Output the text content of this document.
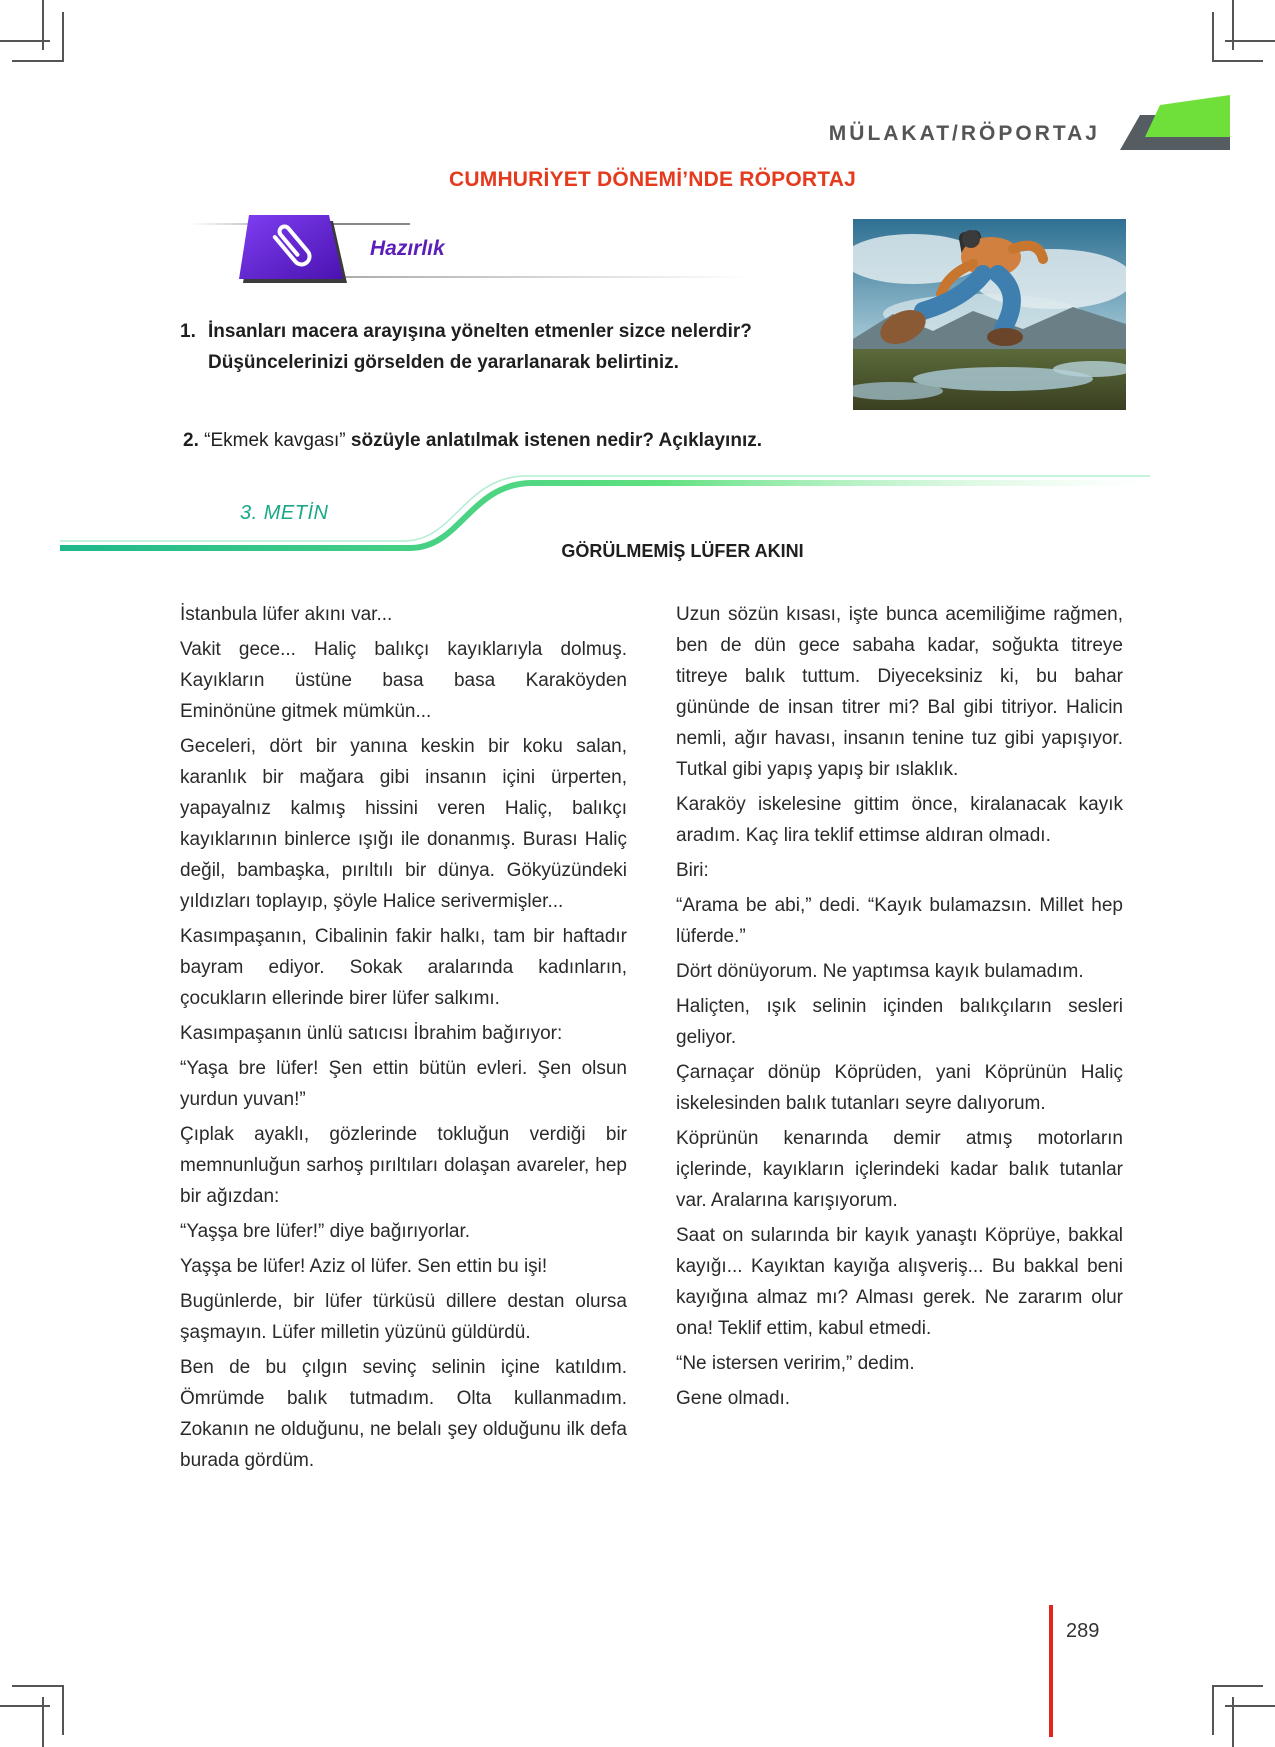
MÜLAKAT/RÖPORTAJ
CUMHURİYET DÖNEMİ’NDE RÖPORTAJ
Hazırlık
1. İnsanları macera arayışına yönelten etmenler sizce nelerdir? Düşüncelerinizi görselden de yararlanarak belirtiniz.
2. “Ekmek kavgası” sözüyle anlatılmak istenen nedir? Açıklayınız.
3. METİN
GÖRÜLMEMİŞ LÜFER AKINI

İstanbula lüfer akını var...

Vakit gece... Haliç balıkçı kayıklarıyla dolmuş. Kayıkların üstüne basa basa Karaköyden Eminönüne gitmek mümkün...

Geceleri, dört bir yanına keskin bir koku salan, karanlık bir mağara gibi insanın içini ürperten, yapayalnız kalmış hissini veren Haliç, balıkçı kayıklarının binlerce ışığı ile donanmış. Burası Haliç değil, bambaşka, pırıltılı bir dünya. Gökyüzündeki yıldızları toplayıp, şöyle Halice serivermişler...

Kasımpaşanın, Cibalinin fakir halkı, tam bir haftadır bayram ediyor. Sokak aralarında kadınların, çocukların ellerinde birer lüfer salkımı.

Kasımpaşanın ünlü satıcısı İbrahim bağırıyor:

“Yaşa bre lüfer! Şen ettin bütün evleri. Şen olsun yurdun yuvan!”

Çıplak ayaklı, gözlerinde tokluğun verdiği bir memnunluğun sarhoş pırıltıları dolaşan avareler, hep bir ağızdan:

“Yaşşa bre lüfer!” diye bağırıyorlar.

Yaşşa be lüfer! Aziz ol lüfer. Sen ettin bu işi!

Bugünlerde, bir lüfer türküsü dillere destan olursa şaşmayın. Lüfer milletin yüzünü güldürdü.

Ben de bu çılgın sevinç selinin içine katıldım. Ömrümde balık tutmadım. Olta kullanmadım. Zokanın ne olduğunu, ne belalı şey olduğunu ilk defa burada gördüm.

Uzun sözün kısası, işte bunca acemiliğime rağmen, ben de dün gece sabaha kadar, soğukta titreye titreye balık tuttum. Diyeceksiniz ki, bu bahar gününde de insan titrer mi? Bal gibi titriyor. Halicin nemli, ağır havası, insanın tenine tuz gibi yapışıyor. Tutkal gibi yapış yapış bir ıslaklık.

Karaköy iskelesine gittim önce, kiralanacak kayık aradım. Kaç lira teklif ettimse aldıran olmadı.

Biri:

“Arama be abi,” dedi. “Kayık bulamazsın. Millet hep lüferde.”

Dört dönüyorum. Ne yaptımsa kayık bulamadım.

Haliçten, ışık selinin içinden balıkçıların sesleri geliyor.

Çarnaçar dönüp Köprüden, yani Köprünün Haliç iskelesinden balık tutanları seyre dalıyorum.

Köprünün kenarında demir atmış motorların içlerinde, kayıkların içlerindeki kadar balık tutanlar var. Aralarına karışıyorum.

Saat on sularında bir kayık yanaştı Köprüye, bakkal kayığı... Kayıktan kayığa alışveriş... Bu bakkal beni kayığına almaz mı? Alması gerek. Ne zararım olur ona! Teklif ettim, kabul etmedi.

“Ne istersen veririm,” dedim.

Gene olmadı.

289
